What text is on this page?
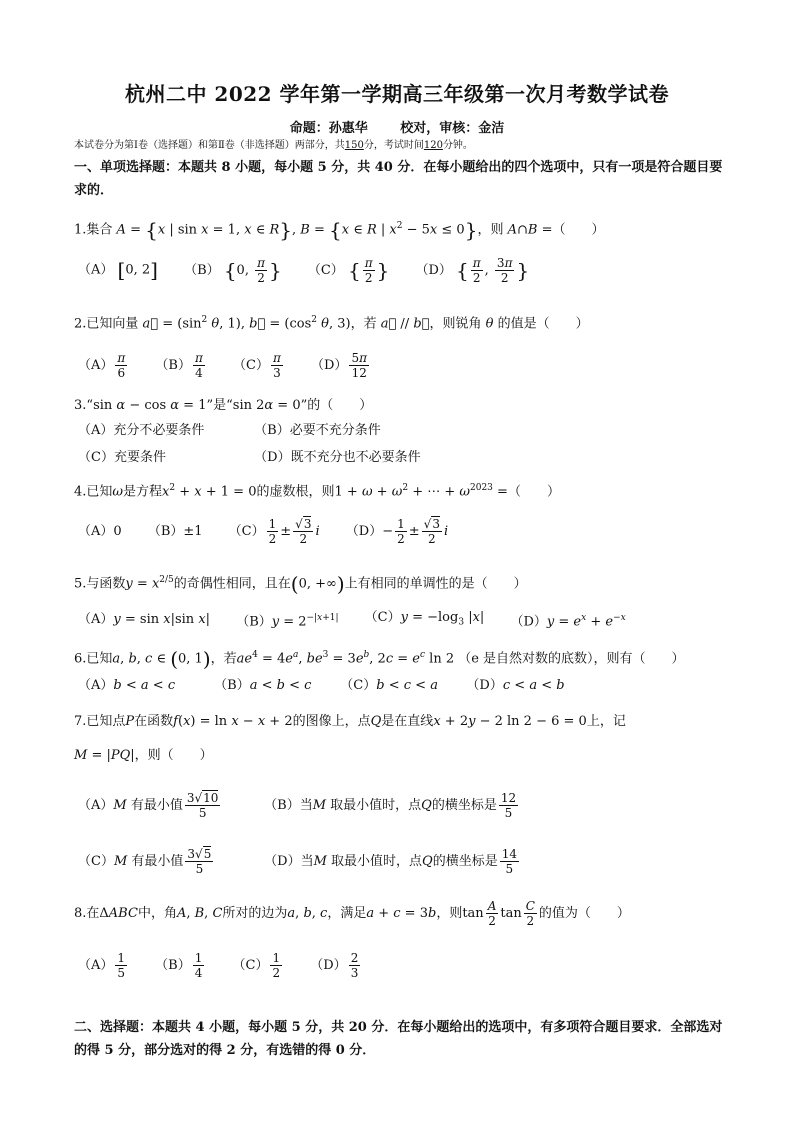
杭州二中 2022 学年第一学期高三年级第一次月考数学试卷
命题：孙惠华	校对，审核：金洁
本试卷分为第Ⅰ卷（选择题）和第Ⅱ卷（非选择题）两部分，共150分，考试时间120分钟。
一、单项选择题：本题共 8 小题，每小题 5 分，共 40 分．在每小题给出的四个选项中，只有一项是符合题目要求的．
1.集合 A = {x | sin x = 1, x ∈ R}, B = {x ∈ R | $x^2 - 5x \le 0$}，则 A∩B =（　　）
（A） [0, 2] （B） {0, $\frac{\pi}{2}$ } （C） { $\frac{\pi}{2}$ } （D） { $\frac{\pi}{2}$ , $\frac{3\pi}{2}$ }
2.已知向量 a⃗ = ($\sin^2$ θ, 1), b⃗ = ($\cos^2$ θ, 3)，若 a⃗ // b⃗，则锐角 θ 的值是（　　）
$(A) \frac{\pi}{6} (B) \frac{\pi}{4} (C) \frac{\pi}{3} (D) \frac{5\pi}{12}$
3.“sin α − cos α = 1”是“sin 2α = 0”的（　　）
（A）充分不必要条件	（B）必要不充分条件
（C）充要条件	（D）既不充分也不必要条件
4.已知ω是方程$x^2 + x + 1 = 0$的虚数根，则$1 + \omega + \omega^2$ + ⋯ + $\omega^{2023}$ =（　　）
（A）0 （B）±1 $(C) \frac{1}{2} \pm \frac{√3}{2}$ i $(D)- \frac{1}{2} \pm \frac{√3}{2}$ i
5.与函数$y = x^{2/5}$的奇偶性相同，且在(0, +∞)上有相同的单调性的是（　　）
（A）y = sin x|sin x| $(B)y = 2^{-|x+1|}$ $(C)y = -\log_3$ |x| $(D)y = e^x + e^{-x}$
6.已知a, b, c ∈ (0, 1)，若$ae^4 = 4e^a$, $be^3 = 3e^b$, $2c = e^c$ ln 2 （e 是自然对数的底数），则有（　　）
（A）b < a < c	（B）a < b < c （C）b < c < a （D）c < a < b
7.已知点P在函数f(x) = ln x − x + 2的图像上，点Q是在直线x + 2y − 2 ln 2 − 6 = 0上，记
M = |PQ|，则（　　）
（A）M 有最小值 $\frac{3√10}{5}$	（B）当M 取最小值时，点Q的横坐标是 $\frac{12}{5}$
（C）M 有最小值 $\frac{3√5}{5}$	（D）当M 取最小值时，点Q的横坐标是 $\frac{14}{5}$
8.在ΔABC中，角A, B, C所对的边为a, b, c，满足a + c = 3b，则$\tan \frac{A}{2}$ $\tan \frac{C}{2}$ 的值为（　　）
$(A) \frac{1}{5} (B) \frac{1}{4} (C) \frac{1}{2} (D) \frac{2}{3}$
二、选择题：本题共 4 小题，每小题 5 分，共 20 分．在每小题给出的选项中，有多项符合题目要求．全部选对的得 5 分，部分选对的得 2 分，有选错的得 0 分．
